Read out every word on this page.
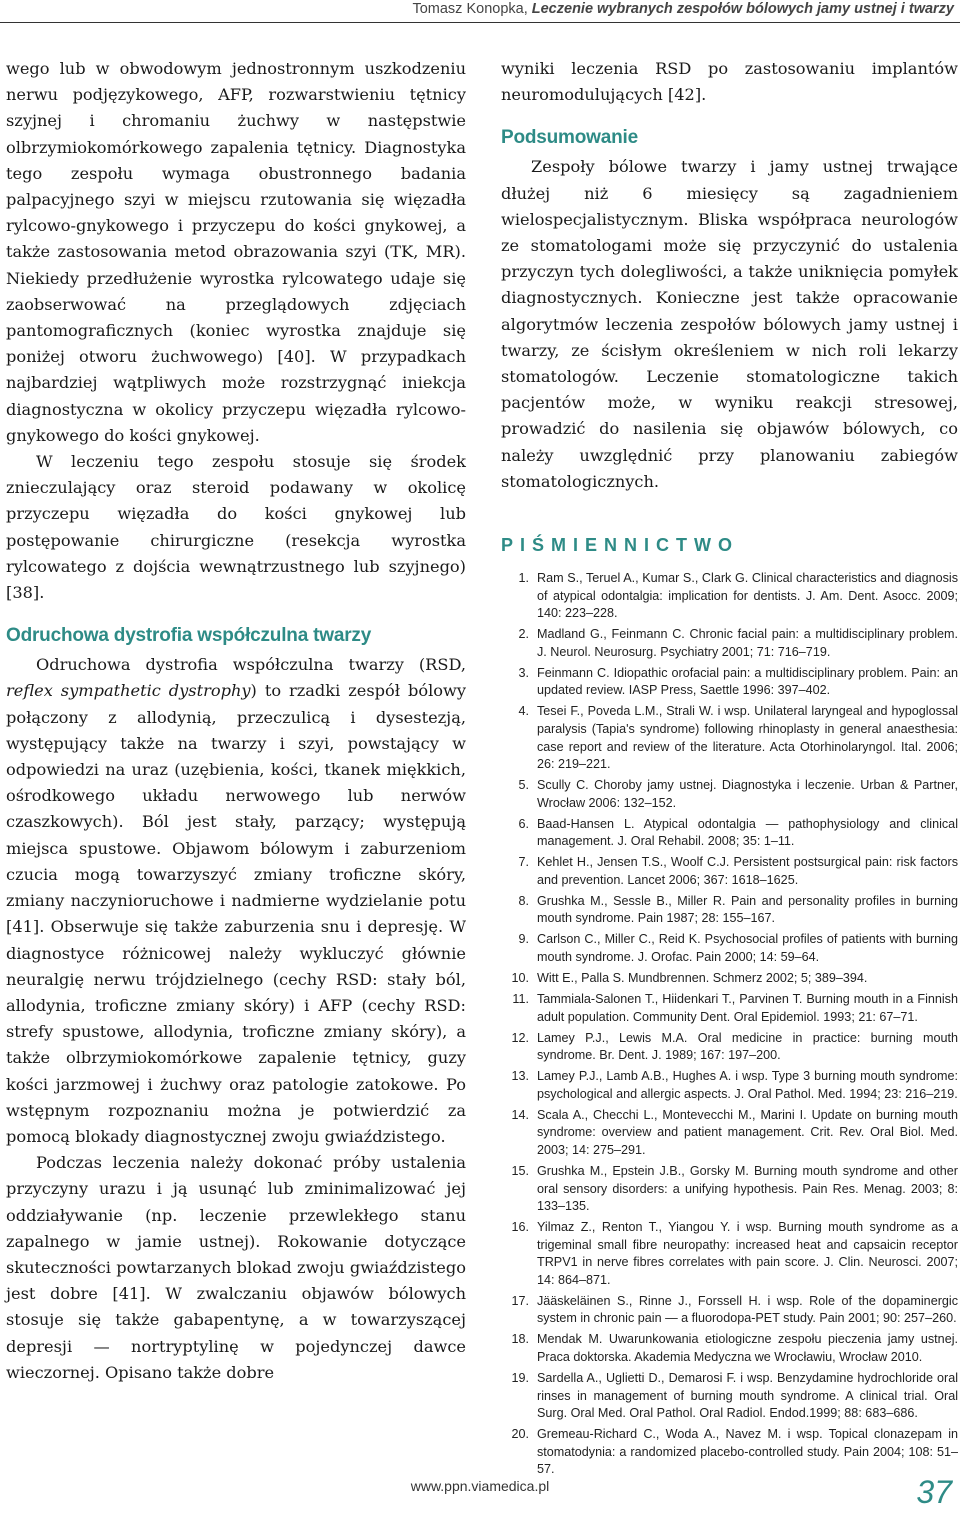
Tomasz Konopka, Leczenie wybranych zespołów bólowych jamy ustnej i twarzy

wego lub w obwodowym jednostronnym uszkodzeniu nerwu podjęzykowego, AFP, rozwarstwieniu tętnicy szyjnej i chromaniu żuchwy w następstwie olbrzymiokomórkowego zapalenia tętnicy. Diagnostyka tego zespołu wymaga obustronnego badania palpacyjnego szyi w miejscu rzutowania się więzadła rylcowo-gnykowego i przyczepu do kości gnykowej, a także zastosowania metod obrazowania szyi (TK, MR). Niekiedy przedłużenie wyrostka rylcowatego udaje się zaobserwować na przeglądowych zdjęciach pantomograficznych (koniec wyrostka znajduje się poniżej otworu żuchwowego) [40]. W przypadkach najbardziej wątpliwych może rozstrzygnąć iniekcja diagnostyczna w okolicy przyczepu więzadła rylcowo-gnykowego do kości gnykowej.

W leczeniu tego zespołu stosuje się środek znieczulający oraz steroid podawany w okolicę przyczepu więzadła do kości gnykowej lub postępowanie chirurgiczne (resekcja wyrostka rylcowatego z dojścia wewnątrzustnego lub szyjnego) [38].

Odruchowa dystrofia współczulna twarzy

Odruchowa dystrofia współczulna twarzy (RSD, reflex sympathetic dystrophy) to rzadki zespół bólowy połączony z allodynią, przeczulicą i dysestezją, występujący także na twarzy i szyi, powstający w odpowiedzi na uraz (uzębienia, kości, tkanek miękkich, ośrodkowego układu nerwowego lub nerwów czaszkowych). Ból jest stały, parzący; występują miejsca spustowe. Objawom bólowym i zaburzeniom czucia mogą towarzyszyć zmiany troficzne skóry, zmiany naczynioruchowe i nadmierne wydzielanie potu [41]. Obserwuje się także zaburzenia snu i depresję. W diagnostyce różnicowej należy wykluczyć głównie neuralgię nerwu trójdzielnego (cechy RSD: stały ból, allodynia, troficzne zmiany skóry) i AFP (cechy RSD: strefy spustowe, allodynia, troficzne zmiany skóry), a także olbrzymiokomórkowe zapalenie tętnicy, guzy kości jarzmowej i żuchwy oraz patologie zatokowe. Po wstępnym rozpoznaniu można je potwierdzić za pomocą blokady diagnostycznej zwoju gwiaździstego.

Podczas leczenia należy dokonać próby ustalenia przyczyny urazu i ją usunąć lub zminimalizować jej oddziaływanie (np. leczenie przewlekłego stanu zapalnego w jamie ustnej). Rokowanie dotyczące skuteczności powtarzanych blokad zwoju gwiaździstego jest dobre [41]. W zwalczaniu objawów bólowych stosuje się także gabapentynę, a w towarzyszącej depresji — nortryptylinę w pojedynczej dawce wieczornej. Opisano także dobre

wyniki leczenia RSD po zastosowaniu implantów neuromodulujących [42].

Podsumowanie

Zespoły bólowe twarzy i jamy ustnej trwające dłużej niż 6 miesięcy są zagadnieniem wielospecjalistycznym. Bliska współpraca neurologów ze stomatologami może się przyczynić do ustalenia przyczyn tych dolegliwości, a także uniknięcia pomyłek diagnostycznych. Konieczne jest także opracowanie algorytmów leczenia zespołów bólowych jamy ustnej i twarzy, ze ścisłym określeniem w nich roli lekarzy stomatologów. Leczenie stomatologiczne takich pacjentów może, w wyniku reakcji stresowej, prowadzić do nasilenia się objawów bólowych, co należy uwzględnić przy planowaniu zabiegów stomatologicznych.

PIŚMIENNICTWO
1. Ram S., Teruel A., Kumar S., Clark G. Clinical characteristics and diagnosis of atypical odontalgia: implication for dentists. J. Am. Dent. Asocc. 2009; 140: 223–228.
2. Madland G., Feinmann C. Chronic facial pain: a multidisciplinary problem. J. Neurol. Neurosurg. Psychiatry 2001; 71: 716–719.
3. Feinmann C. Idiopathic orofacial pain: a multidisciplinary problem. Pain: an updated review. IASP Press, Saettle 1996: 397–402.
4. Tesei F., Poveda L.M., Strali W. i wsp. Unilateral laryngeal and hypoglossal paralysis (Tapia's syndrome) following rhinoplasty in general anaesthesia: case report and review of the literature. Acta Otorhinolaryngol. Ital. 2006; 26: 219–221.
5. Scully C. Choroby jamy ustnej. Diagnostyka i leczenie. Urban & Partner, Wrocław 2006: 132–152.
6. Baad-Hansen L. Atypical odontalgia — pathophysiology and clinical management. J. Oral Rehabil. 2008; 35: 1–11.
7. Kehlet H., Jensen T.S., Woolf C.J. Persistent postsurgical pain: risk factors and prevention. Lancet 2006; 367: 1618–1625.
8. Grushka M., Sessle B., Miller R. Pain and personality profiles in burning mouth syndrome. Pain 1987; 28: 155–167.
9. Carlson C., Miller C., Reid K. Psychosocial profiles of patients with burning mouth syndrome. J. Orofac. Pain 2000; 14: 59–64.
10. Witt E., Palla S. Mundbrennen. Schmerz 2002; 5; 389–394.
11. Tammiala-Salonen T., Hiidenkari T., Parvinen T. Burning mouth in a Finnish adult population. Community Dent. Oral Epidemiol. 1993; 21: 67–71.
12. Lamey P.J., Lewis M.A. Oral medicine in practice: burning mouth syndrome. Br. Dent. J. 1989; 167: 197–200.
13. Lamey P.J., Lamb A.B., Hughes A. i wsp. Type 3 burning mouth syndrome: psychological and allergic aspects. J. Oral Pathol. Med. 1994; 23: 216–219.
14. Scala A., Checchi L., Montevecchi M., Marini I. Update on burning mouth syndrome: overview and patient management. Crit. Rev. Oral Biol. Med. 2003; 14: 275–291.
15. Grushka M., Epstein J.B., Gorsky M. Burning mouth syndrome and other oral sensory disorders: a unifying hypothesis. Pain Res. Menag. 2003; 8: 133–135.
16. Yilmaz Z., Renton T., Yiangou Y. i wsp. Burning mouth syndrome as a trigeminal small fibre neuropathy: increased heat and capsaicin receptor TRPV1 in nerve fibres correlates with pain score. J. Clin. Neurosci. 2007; 14: 864–871.
17. Jääskeläinen S., Rinne J., Forssell H. i wsp. Role of the dopaminergic system in chronic pain — a fluorodopa-PET study. Pain 2001; 90: 257–260.
18. Mendak M. Uwarunkowania etiologiczne zespołu pieczenia jamy ustnej. Praca doktorska. Akademia Medyczna we Wrocławiu, Wrocław 2010.
19. Sardella A., Uglietti D., Demarosi F. i wsp. Benzydamine hydrochloride oral rinses in management of burning mouth syndrome. A clinical trial. Oral Surg. Oral Med. Oral Pathol. Oral Radiol. Endod.1999; 88: 683–686.
20. Gremeau-Richard C., Woda A., Navez M. i wsp. Topical clonazepam in stomatodynia: a randomized placebo-controlled study. Pain 2004; 108: 51–57.
www.ppn.viamedica.pl	37
